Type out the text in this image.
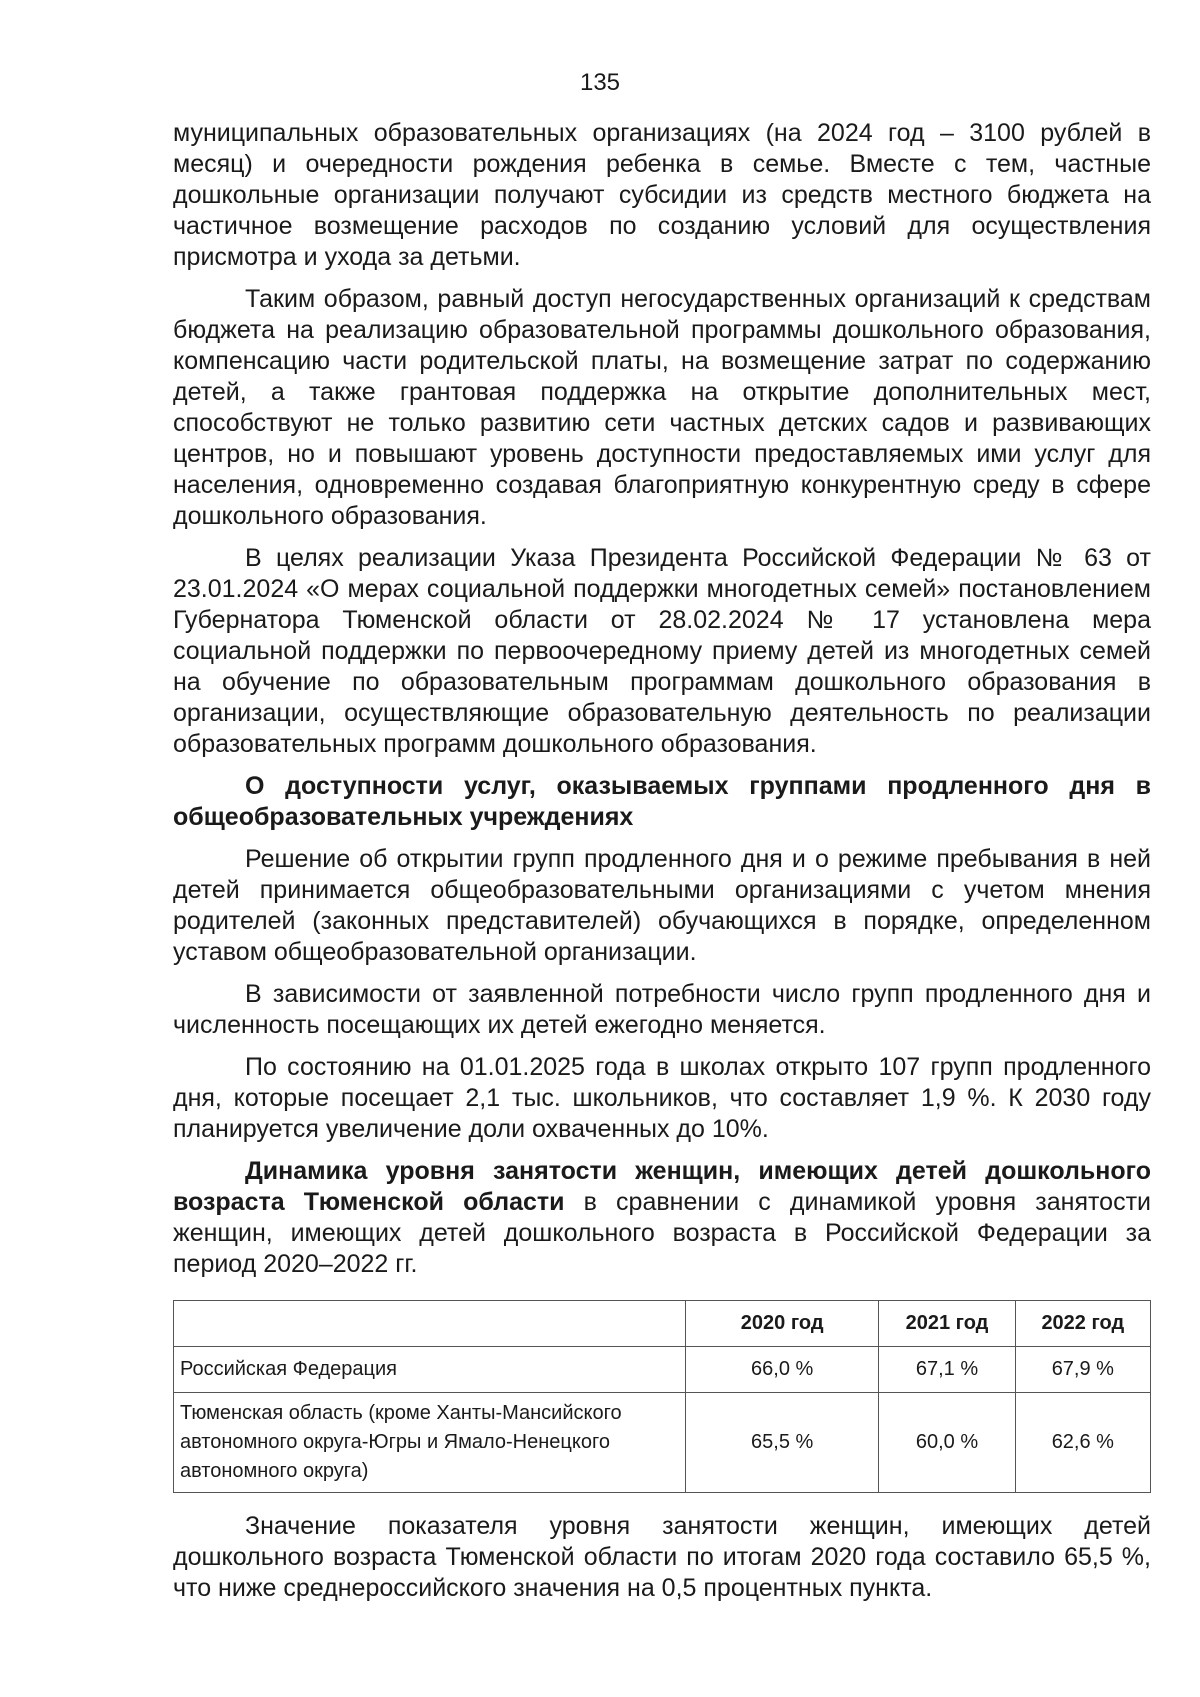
135

муниципальных образовательных организациях (на 2024 год – 3100 рублей в месяц) и очередности рождения ребенка в семье. Вместе с тем, частные дошкольные организации получают субсидии из средств местного бюджета на частичное возмещение расходов по созданию условий для осуществления присмотра и ухода за детьми.

Таким образом, равный доступ негосударственных организаций к средствам бюджета на реализацию образовательной программы дошкольного образования, компенсацию части родительской платы, на возмещение затрат по содержанию детей, а также грантовая поддержка на открытие дополнительных мест, способствуют не только развитию сети частных детских садов и развивающих центров, но и повышают уровень доступности предоставляемых ими услуг для населения, одновременно создавая благоприятную конкурентную среду в сфере дошкольного образования.

В целях реализации Указа Президента Российской Федерации № 63 от 23.01.2024 «О мерах социальной поддержки многодетных семей» постановлением Губернатора Тюменской области от 28.02.2024 № 17 установлена мера социальной поддержки по первоочередному приему детей из многодетных семей на обучение по образовательным программам дошкольного образования в организации, осуществляющие образовательную деятельность по реализации образовательных программ дошкольного образования.

О доступности услуг, оказываемых группами продленного дня в общеобразовательных учреждениях

Решение об открытии групп продленного дня и о режиме пребывания в ней детей принимается общеобразовательными организациями с учетом мнения родителей (законных представителей) обучающихся в порядке, определенном уставом общеобразовательной организации.

В зависимости от заявленной потребности число групп продленного дня и численность посещающих их детей ежегодно меняется.

По состоянию на 01.01.2025 года в школах открыто 107 групп продленного дня, которые посещает 2,1 тыс. школьников, что составляет 1,9 %. К 2030 году планируется увеличение доли охваченных до 10%.

Динамика уровня занятости женщин, имеющих детей дошкольного возраста Тюменской области в сравнении с динамикой уровня занятости женщин, имеющих детей дошкольного возраста в Российской Федерации за период 2020–2022 гг.

	2020 год	2021 год	2022 год
Российская Федерация	66,0 %	67,1 %	67,9 %
Тюменская область (кроме Ханты-Мансийского автономного округа-Югры и Ямало-Ненецкого автономного округа)	65,5 %	60,0 %	62,6 %

Значение показателя уровня занятости женщин, имеющих детей дошкольного возраста Тюменской области по итогам 2020 года составило 65,5 %, что ниже среднероссийского значения на 0,5 процентных пункта.
